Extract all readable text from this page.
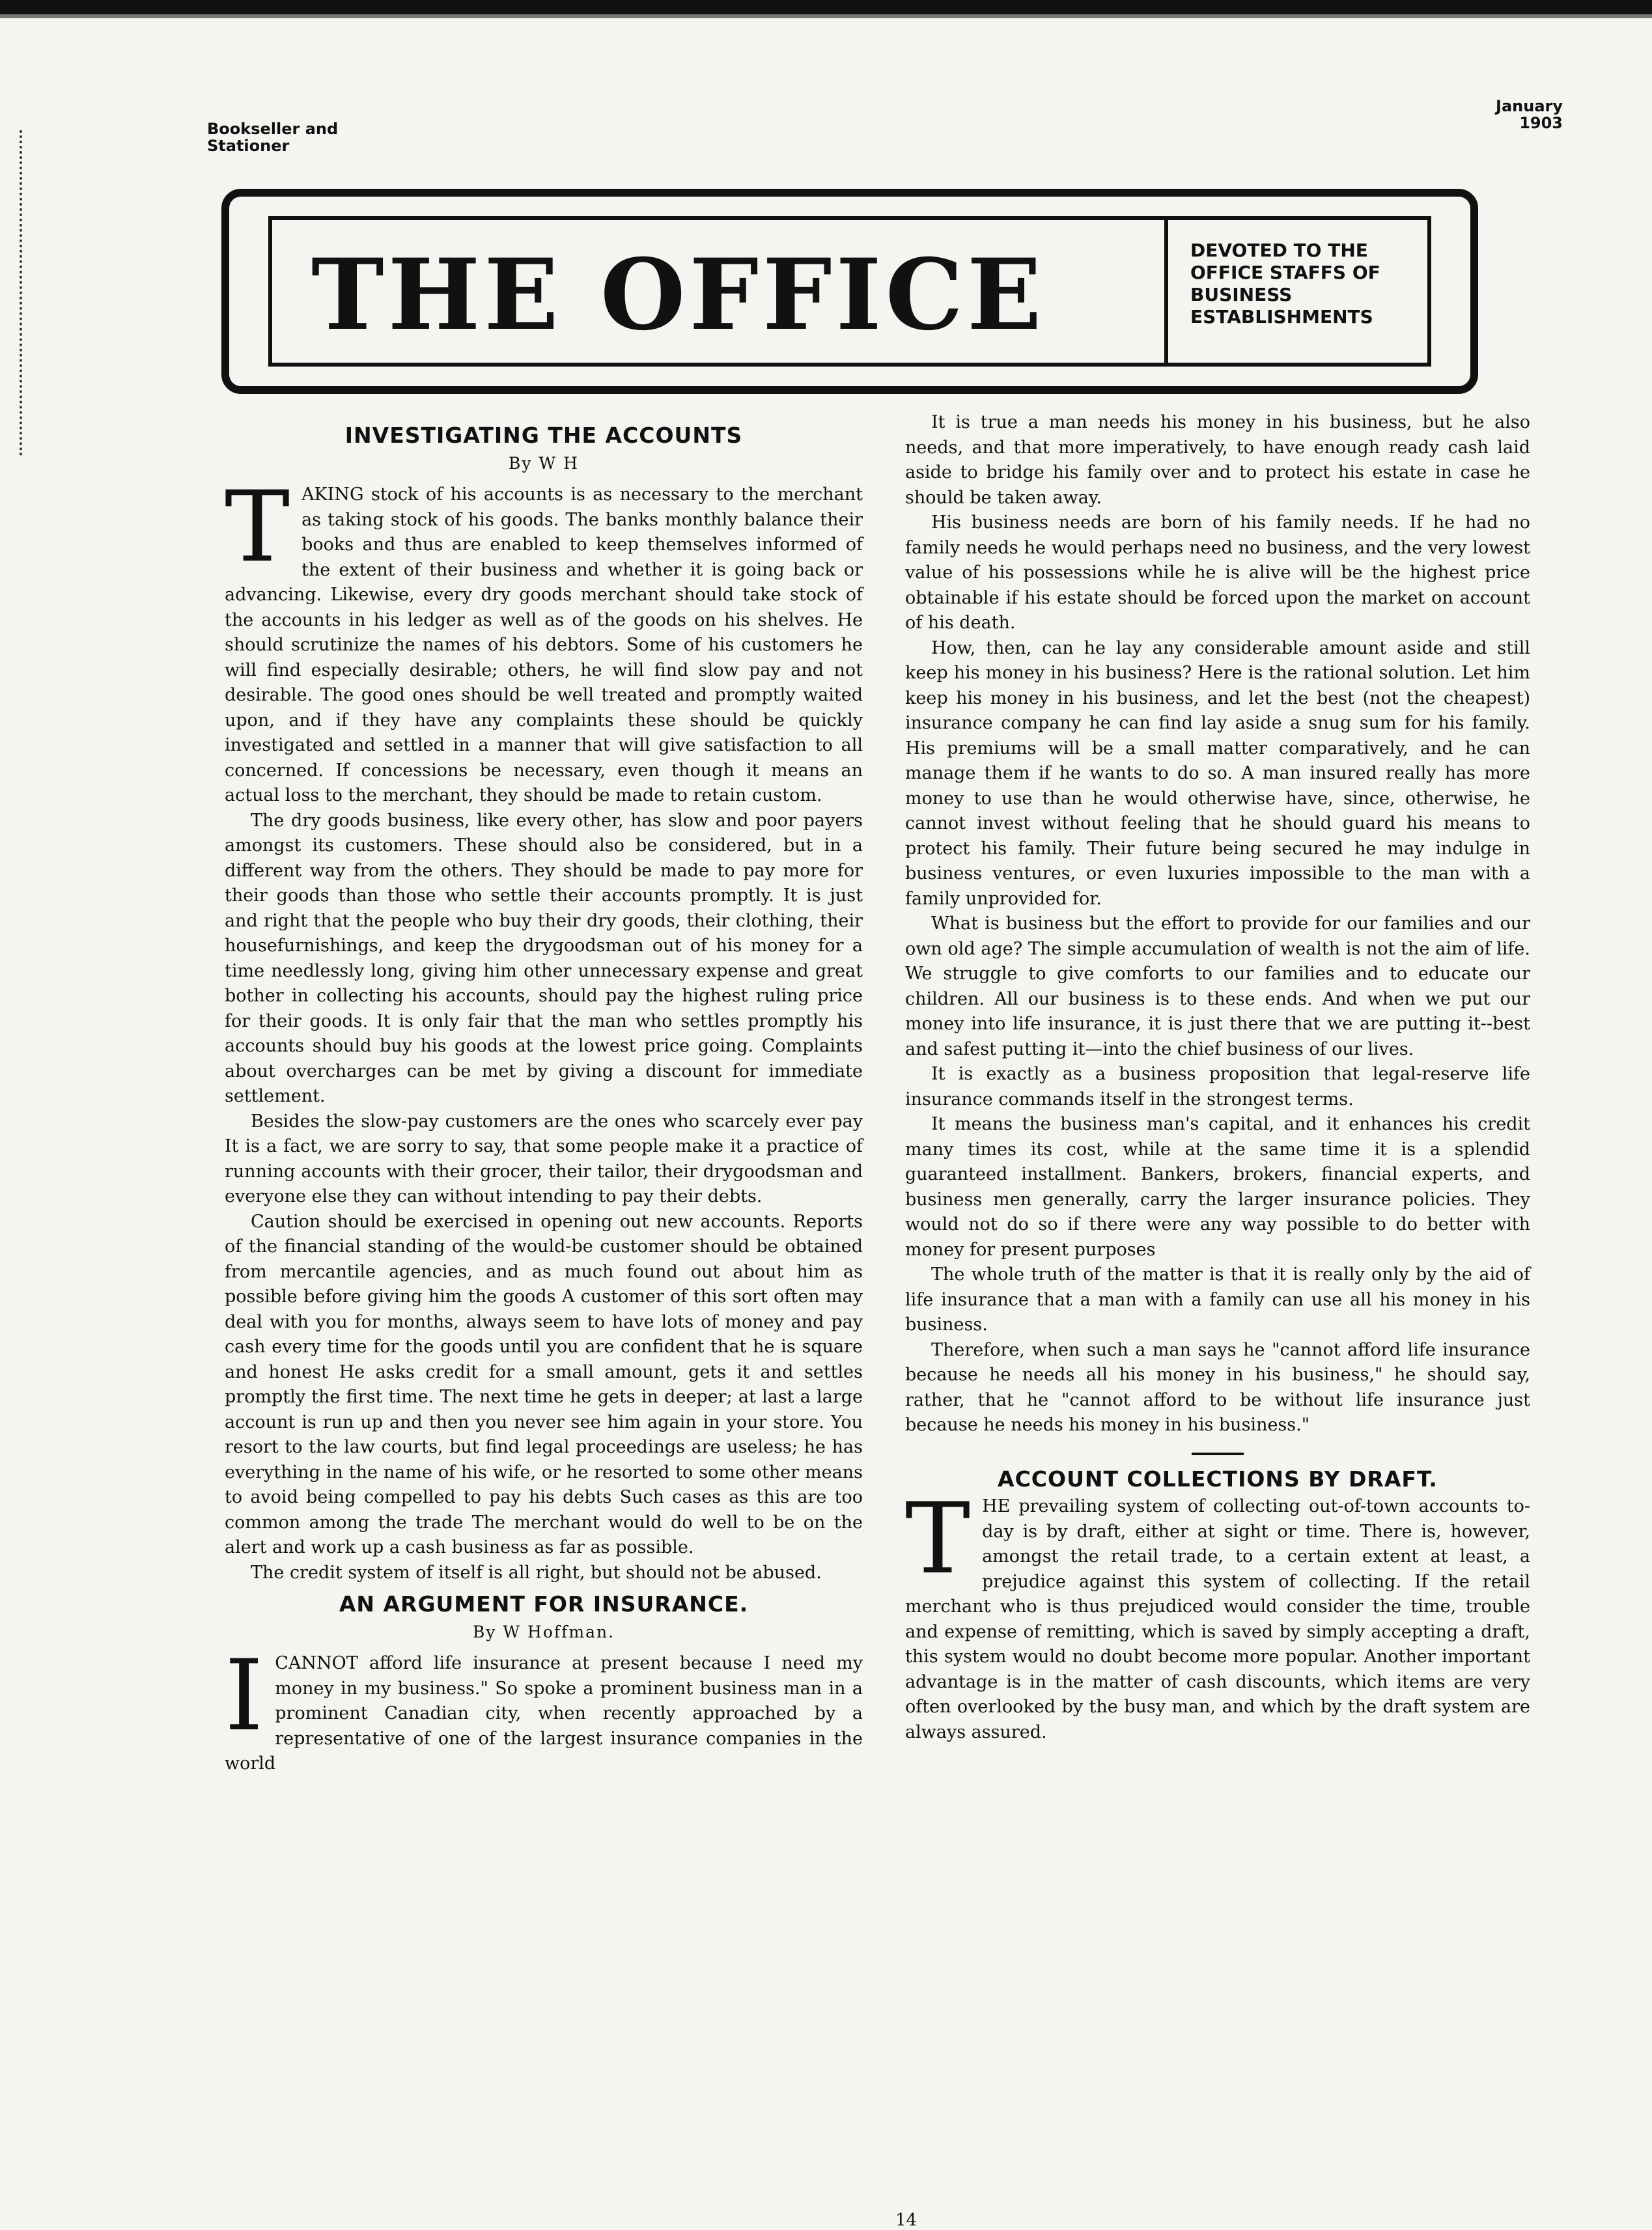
Bookseller and
Stationer
January
1903
THE OFFICE	DEVOTED TO THE
OFFICE STAFFS OF
BUSINESS
ESTABLISHMENTS
INVESTIGATING THE ACCOUNTS
By W H

TAKING stock of his accounts is as necessary to the merchant as taking stock of his goods. The banks monthly balance their books and thus are enabled to keep themselves informed of the extent of their business and whether it is going back or advancing. Likewise, every dry goods merchant should take stock of the accounts in his ledger as well as of the goods on his shelves. He should scrutinize the names of his debtors. Some of his customers he will find especially desirable; others, he will find slow pay and not desirable. The good ones should be well treated and promptly waited upon, and if they have any complaints these should be quickly investigated and settled in a manner that will give satisfaction to all concerned. If concessions be necessary, even though it means an actual loss to the merchant, they should be made to retain custom.

The dry goods business, like every other, has slow and poor payers amongst its customers. These should also be considered, but in a different way from the others. They should be made to pay more for their goods than those who settle their accounts promptly. It is just and right that the people who buy their dry goods, their clothing, their housefurnishings, and keep the drygoodsman out of his money for a time needlessly long, giving him other unnecessary expense and great bother in collecting his accounts, should pay the highest ruling price for their goods. It is only fair that the man who settles promptly his accounts should buy his goods at the lowest price going. Complaints about overcharges can be met by giving a discount for immediate settlement.

Besides the slow-pay customers are the ones who scarcely ever pay It is a fact, we are sorry to say, that some people make it a practice of running accounts with their grocer, their tailor, their drygoodsman and everyone else they can without intending to pay their debts.

Caution should be exercised in opening out new accounts. Reports of the financial standing of the would-be customer should be obtained from mercantile agencies, and as much found out about him as possible before giving him the goods A customer of this sort often may deal with you for months, always seem to have lots of money and pay cash every time for the goods until you are confident that he is square and honest He asks credit for a small amount, gets it and settles promptly the first time. The next time he gets in deeper; at last a large account is run up and then you never see him again in your store. You resort to the law courts, but find legal proceedings are useless; he has everything in the name of his wife, or he resorted to some other means to avoid being compelled to pay his debts Such cases as this are too common among the trade The merchant would do well to be on the alert and work up a cash business as far as possible.

The credit system of itself is all right, but should not be abused.

AN ARGUMENT FOR INSURANCE.
By W Hoffman.

ICANNOT afford life insurance at present because I need my money in my business." So spoke a prominent business man in a prominent Canadian city, when recently approached by a representative of one of the largest insurance companies in the world

It is true a man needs his money in his business, but he also needs, and that more imperatively, to have enough ready cash laid aside to bridge his family over and to protect his estate in case he should be taken away.

His business needs are born of his family needs. If he had no family needs he would perhaps need no business, and the very lowest value of his possessions while he is alive will be the highest price obtainable if his estate should be forced upon the market on account of his death.

How, then, can he lay any considerable amount aside and still keep his money in his business? Here is the rational solution. Let him keep his money in his business, and let the best (not the cheapest) insurance company he can find lay aside a snug sum for his family. His premiums will be a small matter comparatively, and he can manage them if he wants to do so. A man insured really has more money to use than he would otherwise have, since, otherwise, he cannot invest without feeling that he should guard his means to protect his family. Their future being secured he may indulge in business ventures, or even luxuries impossible to the man with a family unprovided for.

What is business but the effort to provide for our families and our own old age? The simple accumulation of wealth is not the aim of life. We struggle to give comforts to our families and to educate our children. All our business is to these ends. And when we put our money into life insurance, it is just there that we are putting it--best and safest putting it—into the chief business of our lives.

It is exactly as a business proposition that legal-reserve life insurance commands itself in the strongest terms.

It means the business man's capital, and it enhances his credit many times its cost, while at the same time it is a splendid guaranteed installment. Bankers, brokers, financial experts, and business men generally, carry the larger insurance policies. They would not do so if there were any way possible to do better with money for present purposes

The whole truth of the matter is that it is really only by the aid of life insurance that a man with a family can use all his money in his business.

Therefore, when such a man says he "cannot afford life insurance because he needs all his money in his business," he should say, rather, that he "cannot afford to be without life insurance just because he needs his money in his business."

ACCOUNT COLLECTIONS BY DRAFT.

THE prevailing system of collecting out-of-town accounts to-day is by draft, either at sight or time. There is, however, amongst the retail trade, to a certain extent at least, a prejudice against this system of collecting. If the retail merchant who is thus prejudiced would consider the time, trouble and expense of remitting, which is saved by simply accepting a draft, this system would no doubt become more popular. Another important advantage is in the matter of cash discounts, which items are very often overlooked by the busy man, and which by the draft system are always assured.

14
